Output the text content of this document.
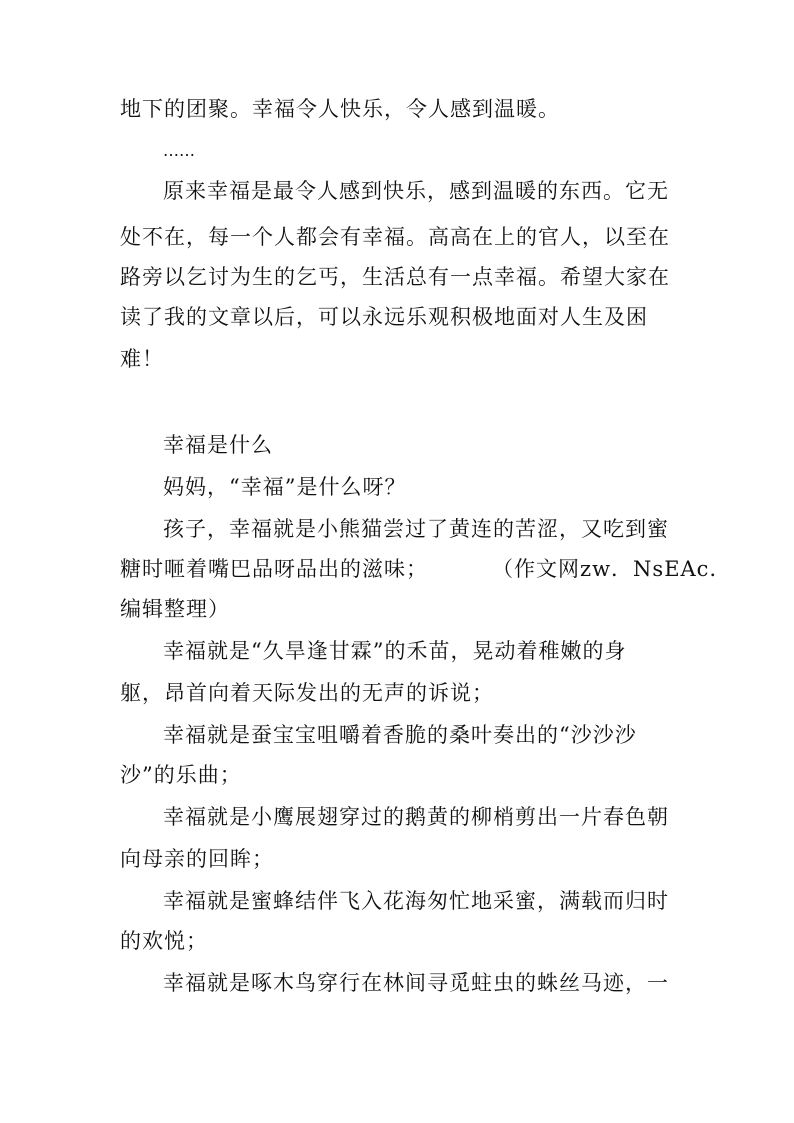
地下的团聚。幸福令人快乐，令人感到温暖。
……
原来幸福是最令人感到快乐，感到温暖的东西。它无
处不在，每一个人都会有幸福。高高在上的官人，以至在
路旁以乞讨为生的乞丐，生活总有一点幸福。希望大家在
读了我的文章以后，可以永远乐观积极地面对人生及困
难！
幸福是什么
妈妈，“幸福”是什么呀？
孩子，幸福就是小熊猫尝过了黄连的苦涩，又吃到蜜
糖时咂着嘴巴品呀品出的滋味；	（作文网zw．NsEAc．
编辑整理）
幸福就是“久旱逢甘霖”的禾苗，晃动着稚嫩的身
躯，昂首向着天际发出的无声的诉说；
幸福就是蚕宝宝咀嚼着香脆的桑叶奏出的“沙沙沙
沙”的乐曲；
幸福就是小鹰展翅穿过的鹅黄的柳梢剪出一片春色朝
向母亲的回眸；
幸福就是蜜蜂结伴飞入花海匆忙地采蜜，满载而归时
的欢悦；
幸福就是啄木鸟穿行在林间寻觅蛀虫的蛛丝马迹，一
